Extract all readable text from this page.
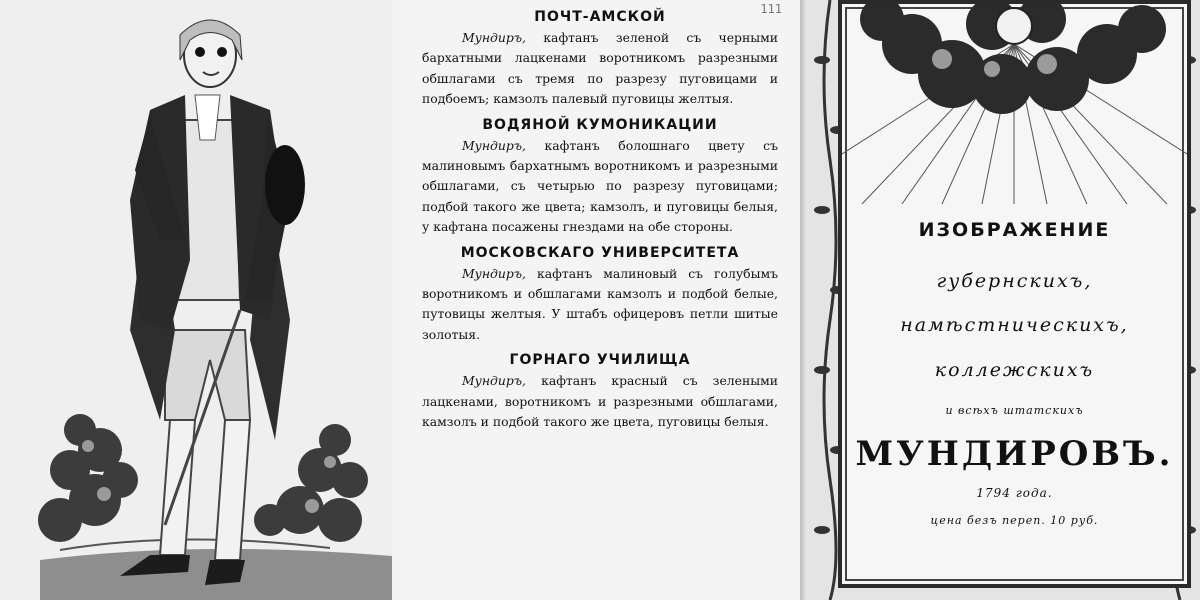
111
ПОЧТ-АМСКОЙ

Мундиръ, кафтанъ зеленой съ черными бархатными лацкенами воротникомъ разрезными обшлагами съ тремя по разрезу пуговицами и подбоемъ; камзолъ палевый пуговицы желтыя.

ВОДЯНОЙ КУМОНИКАЦИИ

Мундиръ, кафтанъ болошнаго цвету съ малиновымъ бархатнымъ воротникомъ и разрезными обшлагами, съ четырью по разрезу пуговицами; подбой такого же цвета; камзолъ, и пуговицы белыя, у кафтана посажены гнездами на обе стороны.

МОСКОВСКАГО УНИВЕРСИТЕТА

Мундиръ, кафтанъ малиновый съ голубымъ воротникомъ и обшлагами камзолъ и подбой белые, путовицы желтыя. У штабъ офицеровъ петли шитые золотыя.

ГОРНАГО УЧИЛИЩА

Мундиръ, кафтанъ красный съ зелеными лацкенами, воротникомъ и разрезными обшлагами, камзолъ и подбой такого же цвета, пуговицы белыя.

ИЗОБРАЖЕНИЕ
губернскихъ,
намѣстническихъ,
коллежскихъ
и всѣхъ штатскихъ
МУНДИРОВЪ.
1794 года.
цена безъ переп. 10 руб.
